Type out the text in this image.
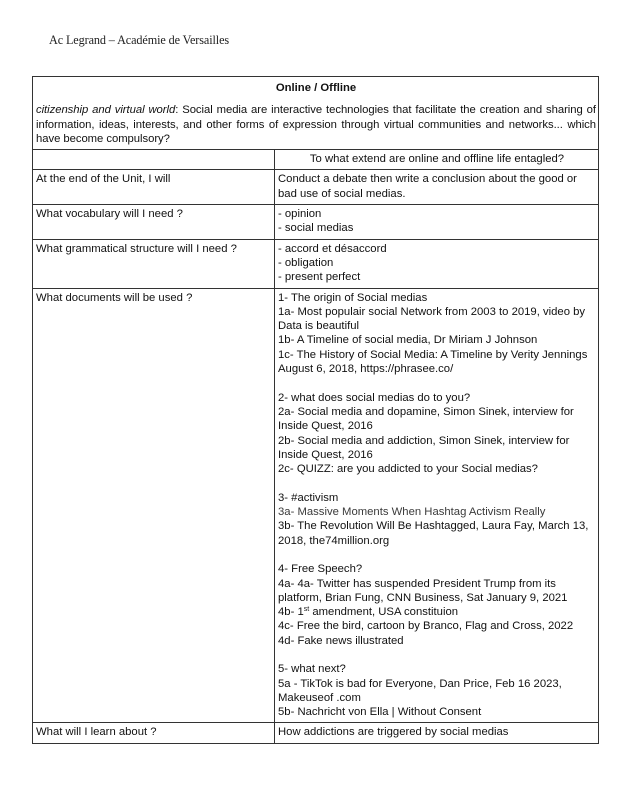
Ac Legrand – Académie de Versailles
Online / Offline	
citizenship and virtual world: Social media are interactive technologies that facilitate the creation and sharing of information, ideas, interests, and other forms of expression through virtual communities and networks... which have become compulsory?	
	To what extend are online and offline life entagled?
At the end of the Unit, I will	Conduct a debate then write a conclusion about the good or bad use of social medias.
What vocabulary will I need ?	- opinion
- social medias

What grammatical structure will I need ?	- accord et désaccord
- obligation
- present perfect

What documents will be used ?	1- The origin of Social medias
1a- Most populair social Network from 2003 to 2019, video by Data is beautiful
1b- A Timeline of social media, Dr Miriam J Johnson
1c- The History of Social Media: A Timeline by Verity Jennings August 6, 2018, https://phrasee.co/
2- what does social medias do to you?
2a- Social media and dopamine, Simon Sinek, interview for Inside Quest, 2016
2b- Social media and addiction, Simon Sinek, interview for Inside Quest, 2016
2c- QUIZZ: are you addicted to your Social medias?
3- #activism
3a- Massive Moments When Hashtag Activism Really
3b- The Revolution Will Be Hashtagged, Laura Fay, March 13, 2018, the74million.org
4- Free Speech?
4a- 4a- Twitter has suspended President Trump from its platform, Brian Fung, CNN Business, Sat January 9, 2021
4b- 1st amendment, USA constituion
4c- Free the bird, cartoon by Branco, Flag and Cross, 2022
4d- Fake news illustrated
5- what next?
5a - TikTok is bad for Everyone, Dan Price, Feb 16 2023, Makeuseof .com
5b- Nachricht von Ella | Without Consent

What will I learn about ?	How addictions are triggered by social medias
